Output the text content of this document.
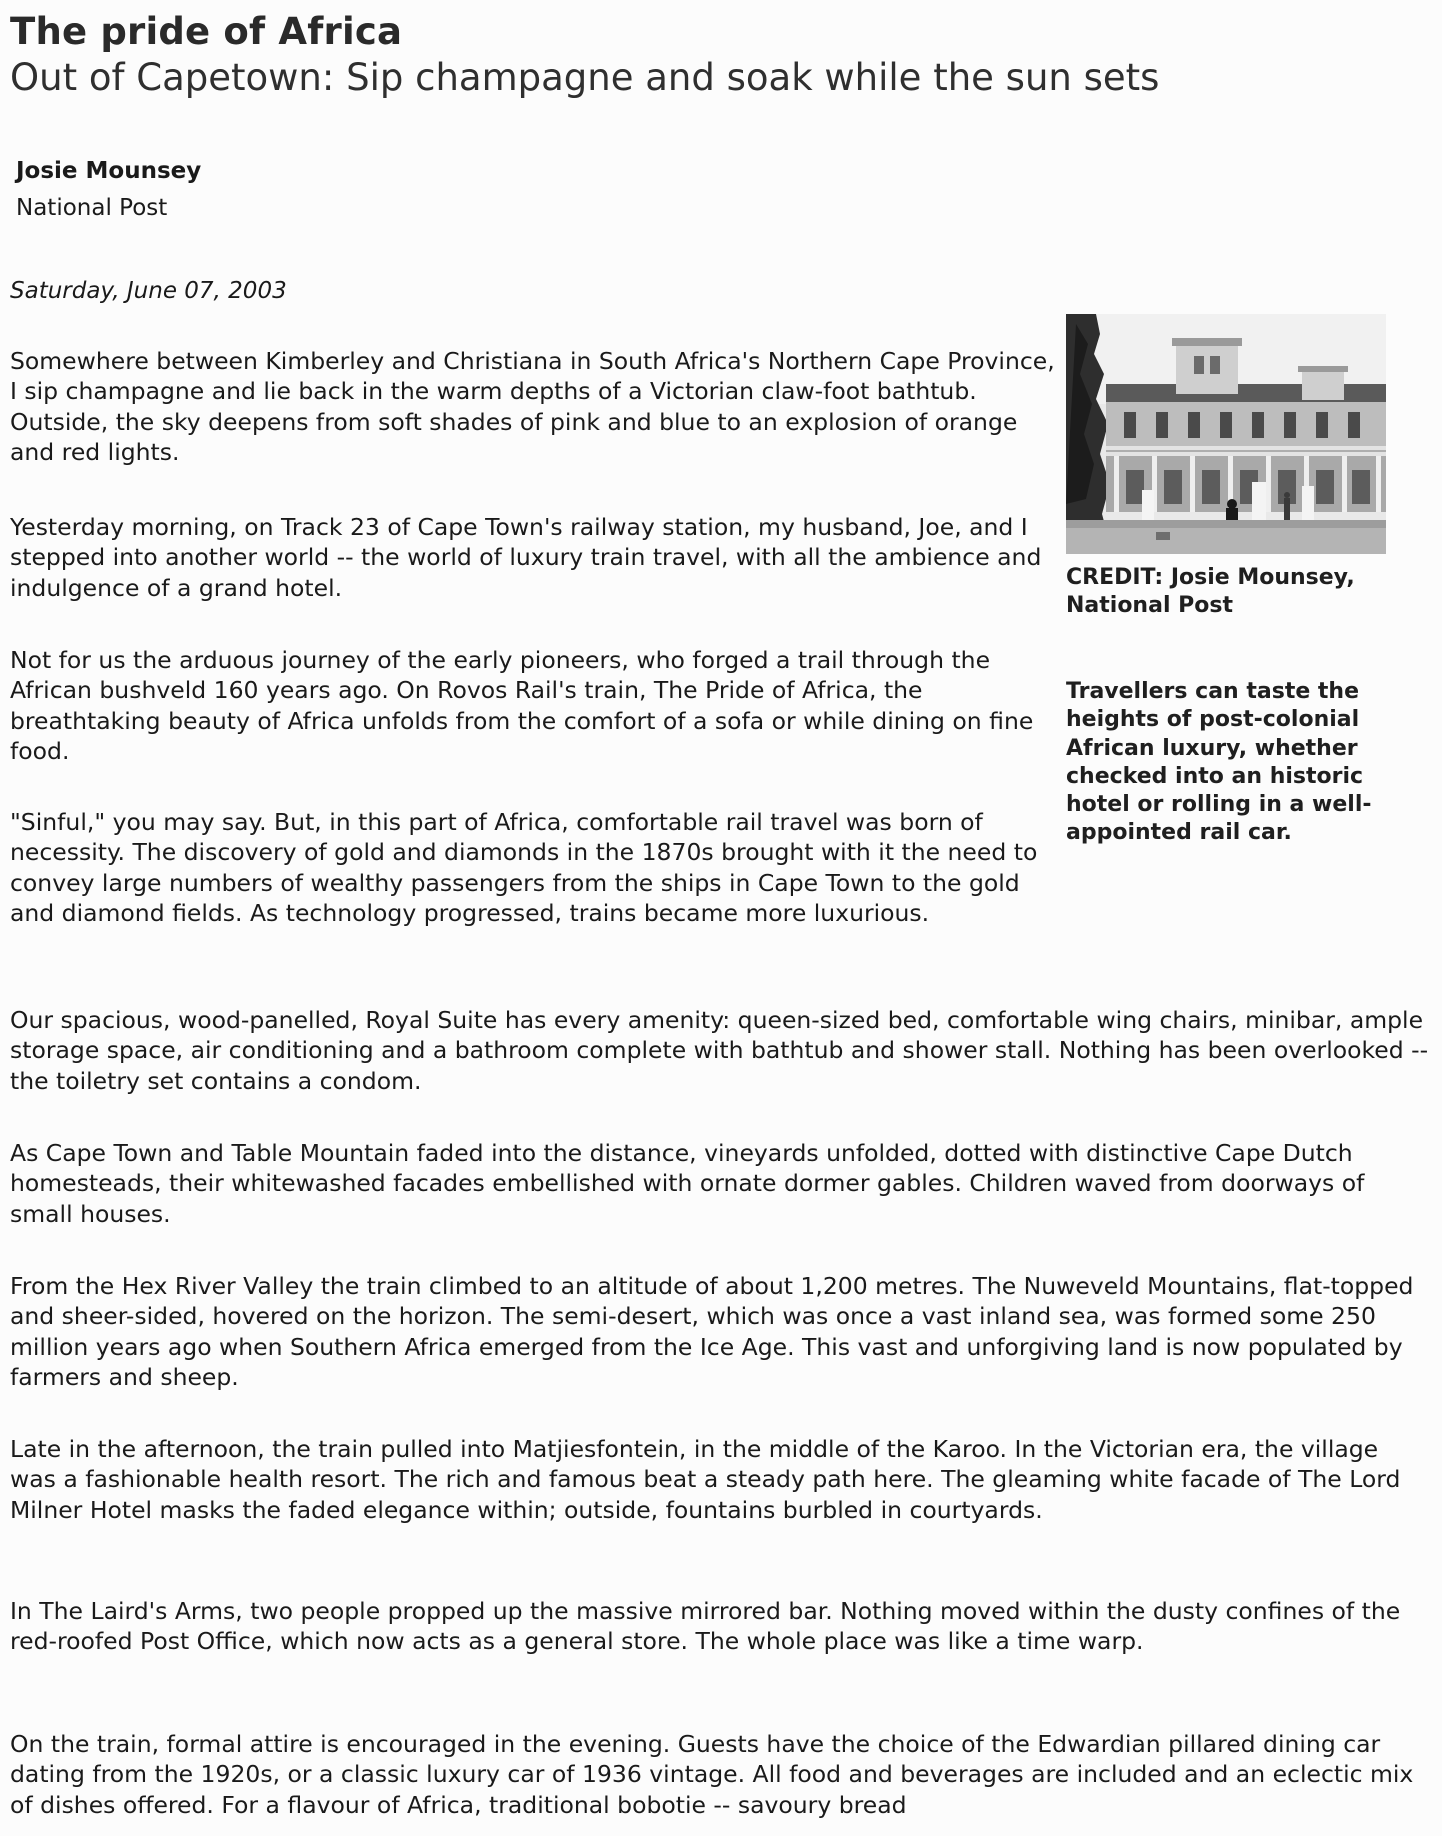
The pride of Africa
Out of Capetown: Sip champagne and soak while the sun sets
Josie Mounsey
National Post
Saturday, June 07, 2003

Somewhere between Kimberley and Christiana in South Africa's Northern Cape Province, I sip champagne and lie back in the warm depths of a Victorian claw-foot bathtub. Outside, the sky deepens from soft shades of pink and blue to an explosion of orange and red lights.

Yesterday morning, on Track 23 of Cape Town's railway station, my husband, Joe, and I stepped into another world -- the world of luxury train travel, with all the ambience and indulgence of a grand hotel.

Not for us the arduous journey of the early pioneers, who forged a trail through the African bushveld 160 years ago. On Rovos Rail's train, The Pride of Africa, the breathtaking beauty of Africa unfolds from the comfort of a sofa or while dining on fine food.

"Sinful," you may say. But, in this part of Africa, comfortable rail travel was born of necessity. The discovery of gold and diamonds in the 1870s brought with it the need to convey large numbers of wealthy passengers from the ships in Cape Town to the gold and diamond fields. As technology progressed, trains became more luxurious.

Our spacious, wood-panelled, Royal Suite has every amenity: queen-sized bed, comfortable wing chairs, minibar, ample storage space, air conditioning and a bathroom complete with bathtub and shower stall. Nothing has been overlooked -- the toiletry set contains a condom.

As Cape Town and Table Mountain faded into the distance, vineyards unfolded, dotted with distinctive Cape Dutch homesteads, their whitewashed facades embellished with ornate dormer gables. Children waved from doorways of small houses.

From the Hex River Valley the train climbed to an altitude of about 1,200 metres. The Nuweveld Mountains, flat-topped and sheer-sided, hovered on the horizon. The semi-desert, which was once a vast inland sea, was formed some 250 million years ago when Southern Africa emerged from the Ice Age. This vast and unforgiving land is now populated by farmers and sheep.

Late in the afternoon, the train pulled into Matjiesfontein, in the middle of the Karoo. In the Victorian era, the village was a fashionable health resort. The rich and famous beat a steady path here. The gleaming white facade of The Lord Milner Hotel masks the faded elegance within; outside, fountains burbled in courtyards.

In The Laird's Arms, two people propped up the massive mirrored bar. Nothing moved within the dusty confines of the red-roofed Post Office, which now acts as a general store. The whole place was like a time warp.

On the train, formal attire is encouraged in the evening. Guests have the choice of the Edwardian pillared dining car dating from the 1920s, or a classic luxury car of 1936 vintage. All food and beverages are included and an eclectic mix of dishes offered. For a flavour of Africa, traditional bobotie -- savoury bread

CREDIT: Josie Mounsey, National Post
Travellers can taste the heights of post-colonial African luxury, whether checked into an historic hotel or rolling in a well-appointed rail car.
